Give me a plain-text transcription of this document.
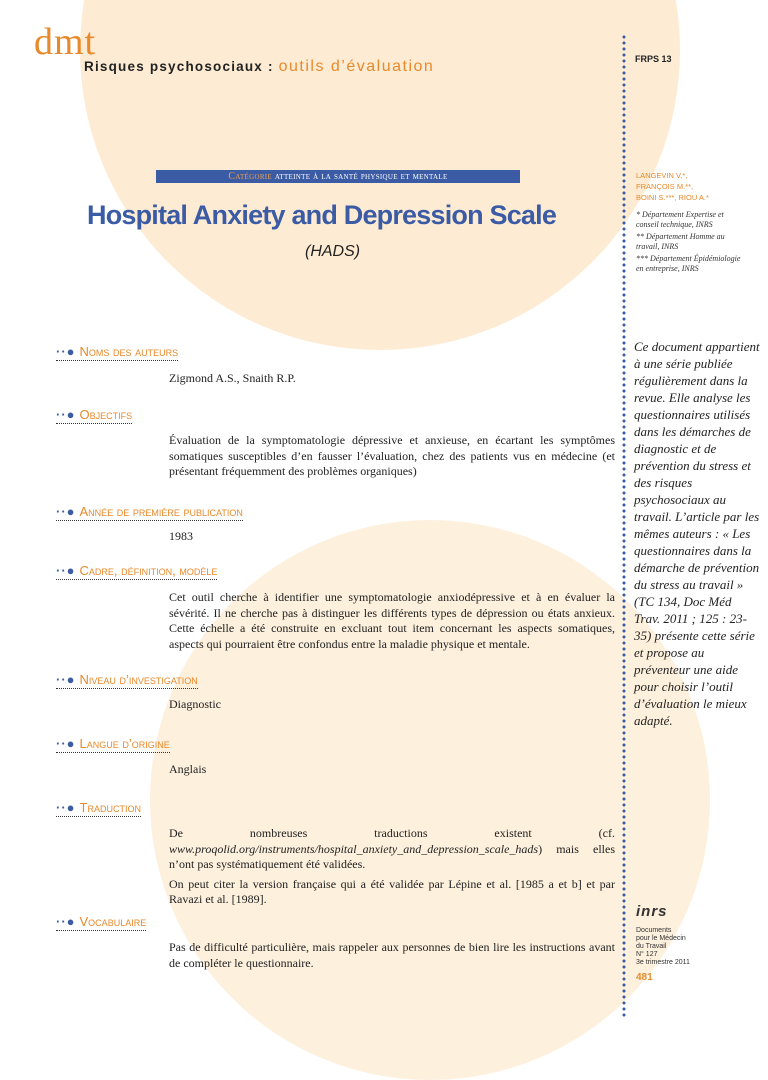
dmt
Risques psychosociaux : outils d’évaluation	FRPS 13
Catégorie atteinte à la santé physique et mentale
Hospital Anxiety and Depression Scale
(HADS)
LANGEVIN V.*,
FRANÇOIS M.**,
BOINI S.***, RIOU A.*
* Département Expertise et conseil technique, INRS
** Département Homme au travail, INRS
*** Département Épidémiologie en entreprise, INRS
Ce document appartient à une série publiée régulièrement dans la revue. Elle analyse les questionnaires utilisés dans les démarches de diagnostic et de prévention du stress et des risques psychosociaux au travail. L’article par les mêmes auteurs : « Les questionnaires dans la démarche de prévention du stress au travail » (TC 134, Doc Méd Trav. 2011 ; 125 : 23-35) présente cette série et propose au préventeur une aide pour choisir l’outil d’évaluation le mieux adapté.
··● Noms des auteurs
Zigmond A.S., Snaith R.P.
··● Objectifs
Évaluation de la symptomatologie dépressive et anxieuse, en écartant les symptômes somatiques susceptibles d’en fausser l’évaluation, chez des patients vus en médecine (et présentant fréquemment des problèmes organiques)
··● Année de première publication
1983
··● Cadre, définition, modèle
Cet outil cherche à identifier une symptomatologie anxiodépressive et à en évaluer la sévérité. Il ne cherche pas à distinguer les différents types de dépression ou états anxieux. Cette échelle a été construite en excluant tout item concernant les aspects somatiques, aspects qui pourraient être confondus entre la maladie physique et mentale.
··● Niveau d’investigation
Diagnostic
··● Langue d’origine
Anglais
··● Traduction

De nombreuses traductions existent (cf. www.proqolid.org/instruments/hospital_anxiety_and_depression_scale_hads) mais elles n’ont pas systématiquement été validées.

On peut citer la version française qui a été validée par Lépine et al. [1985 a et b] et par Ravazi et al. [1989].

··● Vocabulaire
Pas de difficulté particulière, mais rappeler aux personnes de bien lire les instructions avant de compléter le questionnaire.
inrs
Documents
pour le Médecin
du Travail
N° 127
3e trimestre 2011
481
